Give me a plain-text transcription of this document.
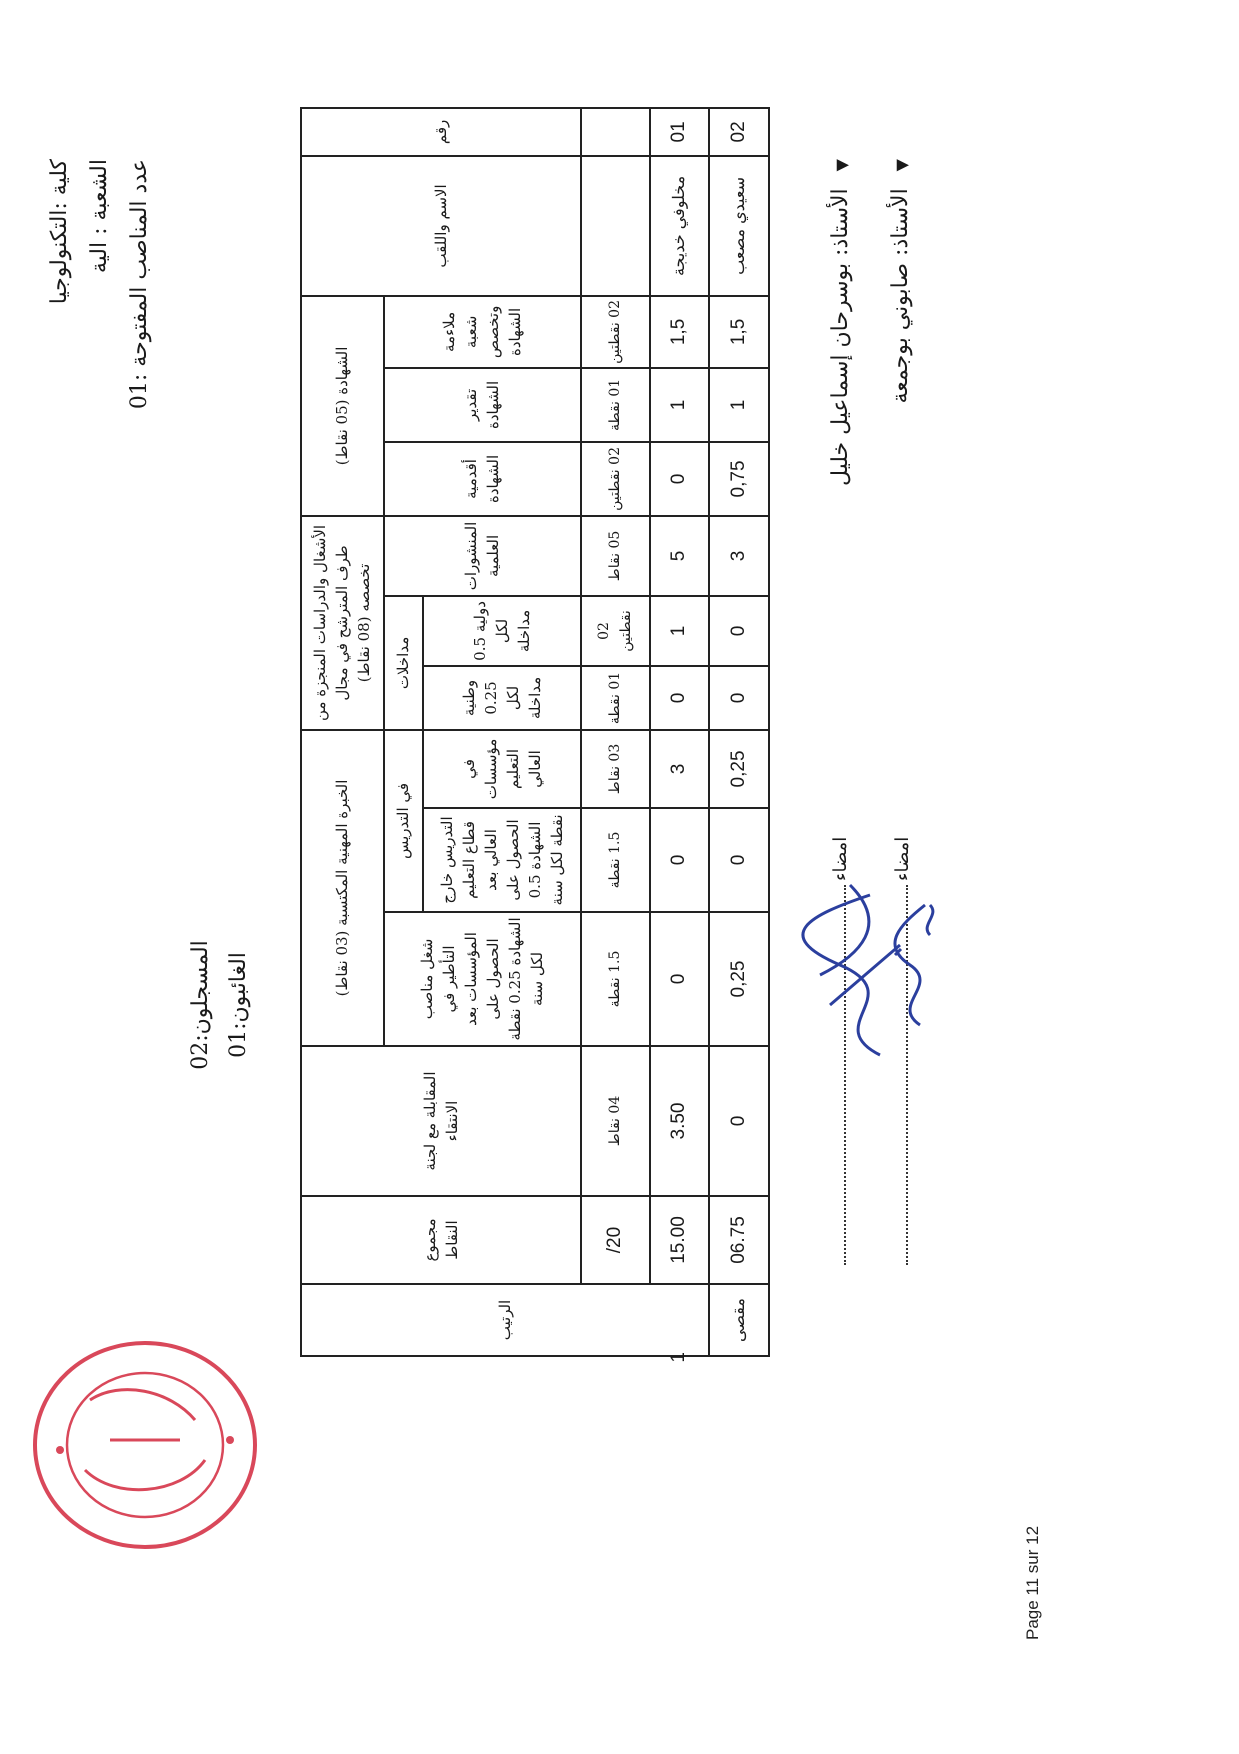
كلية :التكنولوجيا الشعبة : الية
عدد المناصب المفتوحة :01
المسجلون:02
الغائبون:01
رقم	الاسم واللقب	الشهادة (05 نقاط)			الأشغال والدراسات المنجزة من طرف المترشح في مجال تخصصه (08 نقاط)			الخبرة المهنية المكتسبة (03 نقاط)			المقابلة مع لجنة الانتقاء	مجموع النقاط	الرتيب	
		ملاءمة شعبة وتخصص الشهادة	تقدير الشهادة	أقدمية الشهادة	المنشورات العلمية	مداخلات		في التدريس		شغل مناصب التأطير في المؤسسات بعد الحصول على الشهادة 0.25 نقطة لكل سنة				
						دولية 0.5 لكل مداخلة	وطنية 0.25 لكل مداخلة	في مؤسسات التعليم العالي	التدريس خارج قطاع التعليم العالي بعد الحصول على الشهادة 0.5 نقطة لكل سنة					
		02 نقطتين	01 نقطة	02 نقطتين	05 نقاط	02 نقطتين	01 نقطة	03 نقاط	1.5 نقطة	1.5 نقطة	04 نقاط	20/		
01	مخلوفي خديجة	1,5	1	0	5	1	0	3	0	0	3.50	15.00		1
02	سعيدي مصعب	1,5	1	0,75	3	0	0	0,25	0	0,25	0	06.75	مقصى	
▼ الأستاذ: بوسرحان إسماعيل خليل
▼ الأستاذ: صابوني بوجمعة
امضاء امضاء
Page 11 sur 12
